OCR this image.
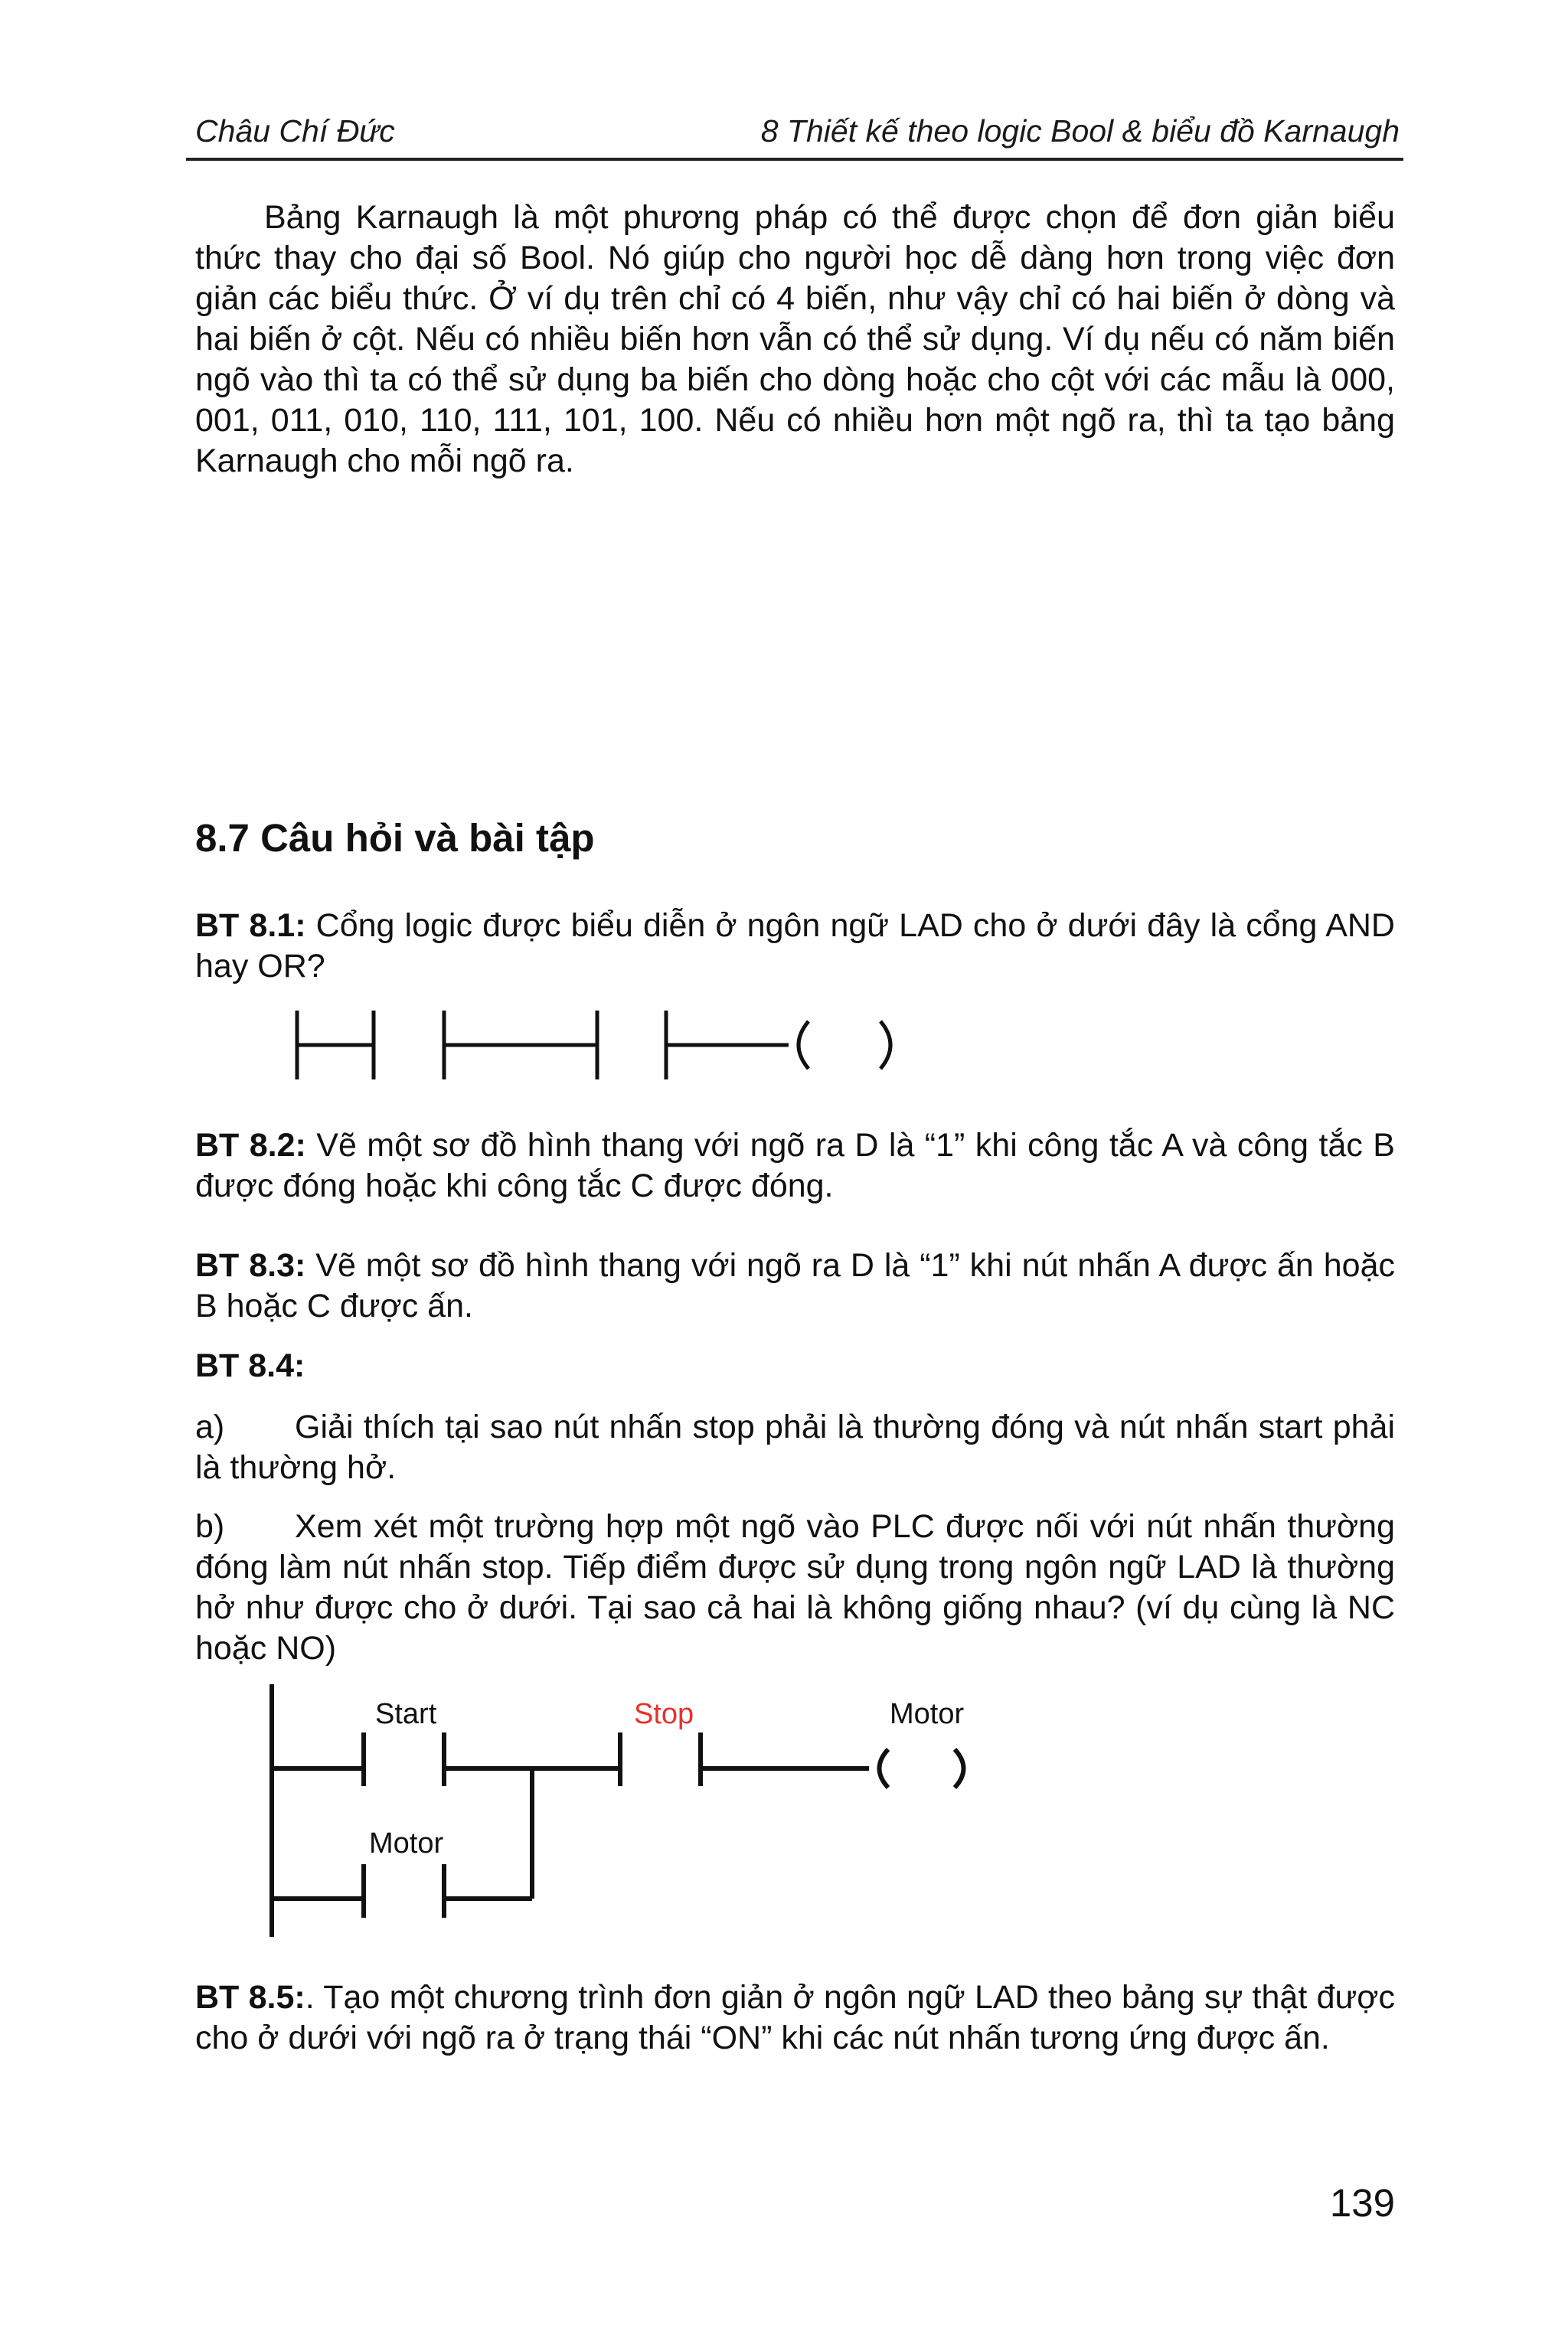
Châu Chí Đức	8 Thiết kế theo logic Bool & biểu đồ Karnaugh

Bảng Karnaugh là một phương pháp có thể được chọn để đơn giản biểu thức thay cho đại số Bool. Nó giúp cho người học dễ dàng hơn trong việc đơn giản các biểu thức. Ở ví dụ trên chỉ có 4 biến, như vậy chỉ có hai biến ở dòng và hai biến ở cột. Nếu có nhiều biến hơn vẫn có thể sử dụng. Ví dụ nếu có năm biến ngõ vào thì ta có thể sử dụng ba biến cho dòng hoặc cho cột với các mẫu là 000, 001, 011, 010, 110, 111, 101, 100. Nếu có nhiều hơn một ngõ ra, thì ta tạo bảng Karnaugh cho mỗi ngõ ra.

8.7 Câu hỏi và bài tập

BT 8.1: Cổng logic được biểu diễn ở ngôn ngữ LAD cho ở dưới đây là cổng AND hay OR?

BT 8.2: Vẽ một sơ đồ hình thang với ngõ ra D là “1” khi công tắc A và công tắc B được đóng hoặc khi công tắc C được đóng.

BT 8.3: Vẽ một sơ đồ hình thang với ngõ ra D là “1” khi nút nhấn A được ấn hoặc B hoặc C được ấn.

BT 8.4:

a) Giải thích tại sao nút nhấn stop phải là thường đóng và nút nhấn start phải là thường hở.

b) Xem xét một trường hợp một ngõ vào PLC được nối với nút nhấn thường đóng làm nút nhấn stop. Tiếp điểm được sử dụng trong ngôn ngữ LAD là thường hở như được cho ở dưới. Tại sao cả hai là không giống nhau? (ví dụ cùng là NC hoặc NO)

Start	Stop	Motor
Motor

BT 8.5:. Tạo một chương trình đơn giản ở ngôn ngữ LAD theo bảng sự thật được cho ở dưới với ngõ ra ở trạng thái “ON” khi các nút nhấn tương ứng được ấn.

139
